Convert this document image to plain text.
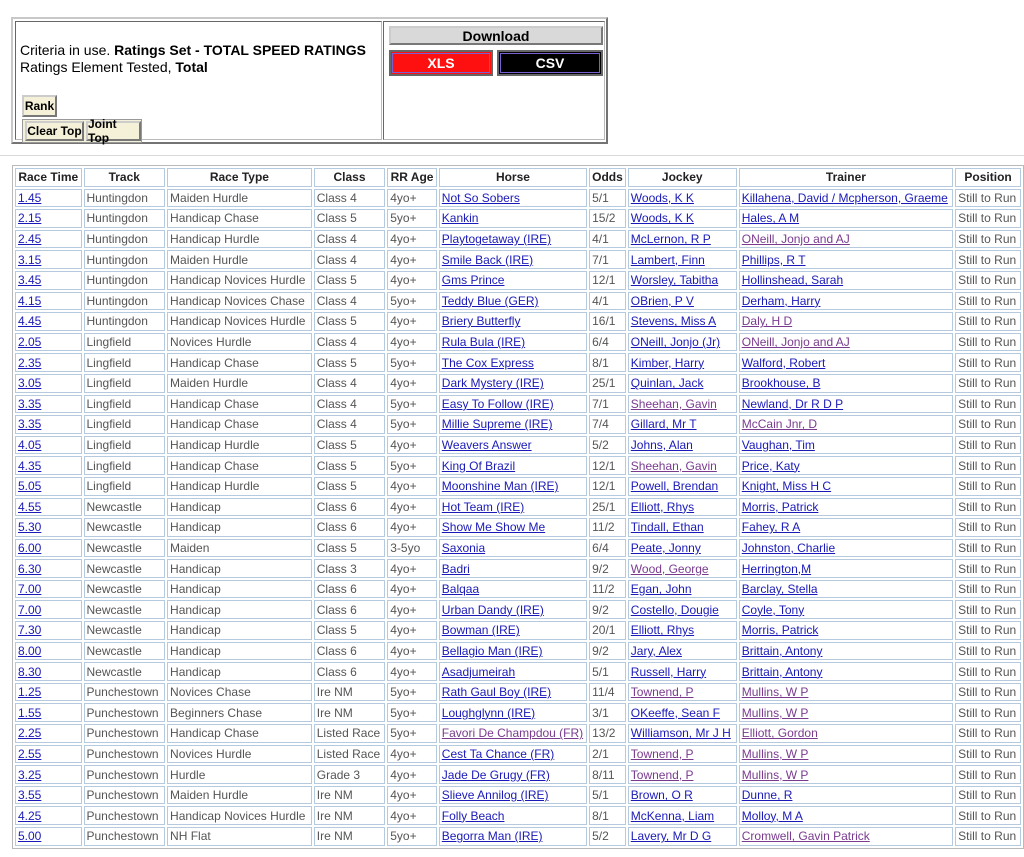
Criteria in use. Ratings Set - TOTAL SPEED RATINGS
Ratings Element Tested, Total
Rank
Clear Top Joint Top
Download
XLS	CSV
Race Time	Track	Race Type	Class	RR Age	Horse	Odds	Jockey	Trainer	Position
1.45	Huntingdon	Maiden Hurdle	Class 4	4yo+	Not So Sobers	5/1	Woods, K K	Killahena, David / Mcpherson, Graeme	Still to Run
2.15	Huntingdon	Handicap Chase	Class 5	5yo+	Kankin	15/2	Woods, K K	Hales, A M	Still to Run
2.45	Huntingdon	Handicap Hurdle	Class 4	4yo+	Playtogetaway (IRE)	4/1	McLernon, R P	ONeill, Jonjo and AJ	Still to Run
3.15	Huntingdon	Maiden Hurdle	Class 4	4yo+	Smile Back (IRE)	7/1	Lambert, Finn	Phillips, R T	Still to Run
3.45	Huntingdon	Handicap Novices Hurdle	Class 5	4yo+	Gms Prince	12/1	Worsley, Tabitha	Hollinshead, Sarah	Still to Run
4.15	Huntingdon	Handicap Novices Chase	Class 4	5yo+	Teddy Blue (GER)	4/1	OBrien, P V	Derham, Harry	Still to Run
4.45	Huntingdon	Handicap Novices Hurdle	Class 5	4yo+	Briery Butterfly	16/1	Stevens, Miss A	Daly, H D	Still to Run
2.05	Lingfield	Novices Hurdle	Class 4	4yo+	Rula Bula (IRE)	6/4	ONeill, Jonjo (Jr)	ONeill, Jonjo and AJ	Still to Run
2.35	Lingfield	Handicap Chase	Class 5	5yo+	The Cox Express	8/1	Kimber, Harry	Walford, Robert	Still to Run
3.05	Lingfield	Maiden Hurdle	Class 4	4yo+	Dark Mystery (IRE)	25/1	Quinlan, Jack	Brookhouse, B	Still to Run
3.35	Lingfield	Handicap Chase	Class 4	5yo+	Easy To Follow (IRE)	7/1	Sheehan, Gavin	Newland, Dr R D P	Still to Run
3.35	Lingfield	Handicap Chase	Class 4	5yo+	Millie Supreme (IRE)	7/4	Gillard, Mr T	McCain Jnr, D	Still to Run
4.05	Lingfield	Handicap Hurdle	Class 5	4yo+	Weavers Answer	5/2	Johns, Alan	Vaughan, Tim	Still to Run
4.35	Lingfield	Handicap Chase	Class 5	5yo+	King Of Brazil	12/1	Sheehan, Gavin	Price, Katy	Still to Run
5.05	Lingfield	Handicap Hurdle	Class 5	4yo+	Moonshine Man (IRE)	12/1	Powell, Brendan	Knight, Miss H C	Still to Run
4.55	Newcastle	Handicap	Class 6	4yo+	Hot Team (IRE)	25/1	Elliott, Rhys	Morris, Patrick	Still to Run
5.30	Newcastle	Handicap	Class 6	4yo+	Show Me Show Me	11/2	Tindall, Ethan	Fahey, R A	Still to Run
6.00	Newcastle	Maiden	Class 5	3-5yo	Saxonia	6/4	Peate, Jonny	Johnston, Charlie	Still to Run
6.30	Newcastle	Handicap	Class 3	4yo+	Badri	9/2	Wood, George	Herrington,M	Still to Run
7.00	Newcastle	Handicap	Class 6	4yo+	Balqaa	11/2	Egan, John	Barclay, Stella	Still to Run
7.00	Newcastle	Handicap	Class 6	4yo+	Urban Dandy (IRE)	9/2	Costello, Dougie	Coyle, Tony	Still to Run
7.30	Newcastle	Handicap	Class 5	4yo+	Bowman (IRE)	20/1	Elliott, Rhys	Morris, Patrick	Still to Run
8.00	Newcastle	Handicap	Class 6	4yo+	Bellagio Man (IRE)	9/2	Jary, Alex	Brittain, Antony	Still to Run
8.30	Newcastle	Handicap	Class 6	4yo+	Asadjumeirah	5/1	Russell, Harry	Brittain, Antony	Still to Run
1.25	Punchestown	Novices Chase	Ire NM	5yo+	Rath Gaul Boy (IRE)	11/4	Townend, P	Mullins, W P	Still to Run
1.55	Punchestown	Beginners Chase	Ire NM	5yo+	Loughglynn (IRE)	3/1	OKeeffe, Sean F	Mullins, W P	Still to Run
2.25	Punchestown	Handicap Chase	Listed Race	5yo+	Favori De Champdou (FR)	13/2	Williamson, Mr J H	Elliott, Gordon	Still to Run
2.55	Punchestown	Novices Hurdle	Listed Race	4yo+	Cest Ta Chance (FR)	2/1	Townend, P	Mullins, W P	Still to Run
3.25	Punchestown	Hurdle	Grade 3	4yo+	Jade De Grugy (FR)	8/11	Townend, P	Mullins, W P	Still to Run
3.55	Punchestown	Maiden Hurdle	Ire NM	4yo+	Slieve Annilog (IRE)	5/1	Brown, O R	Dunne, R	Still to Run
4.25	Punchestown	Handicap Novices Hurdle	Ire NM	4yo+	Folly Beach	8/1	McKenna, Liam	Molloy, M A	Still to Run
5.00	Punchestown	NH Flat	Ire NM	5yo+	Begorra Man (IRE)	5/2	Lavery, Mr D G	Cromwell, Gavin Patrick	Still to Run
